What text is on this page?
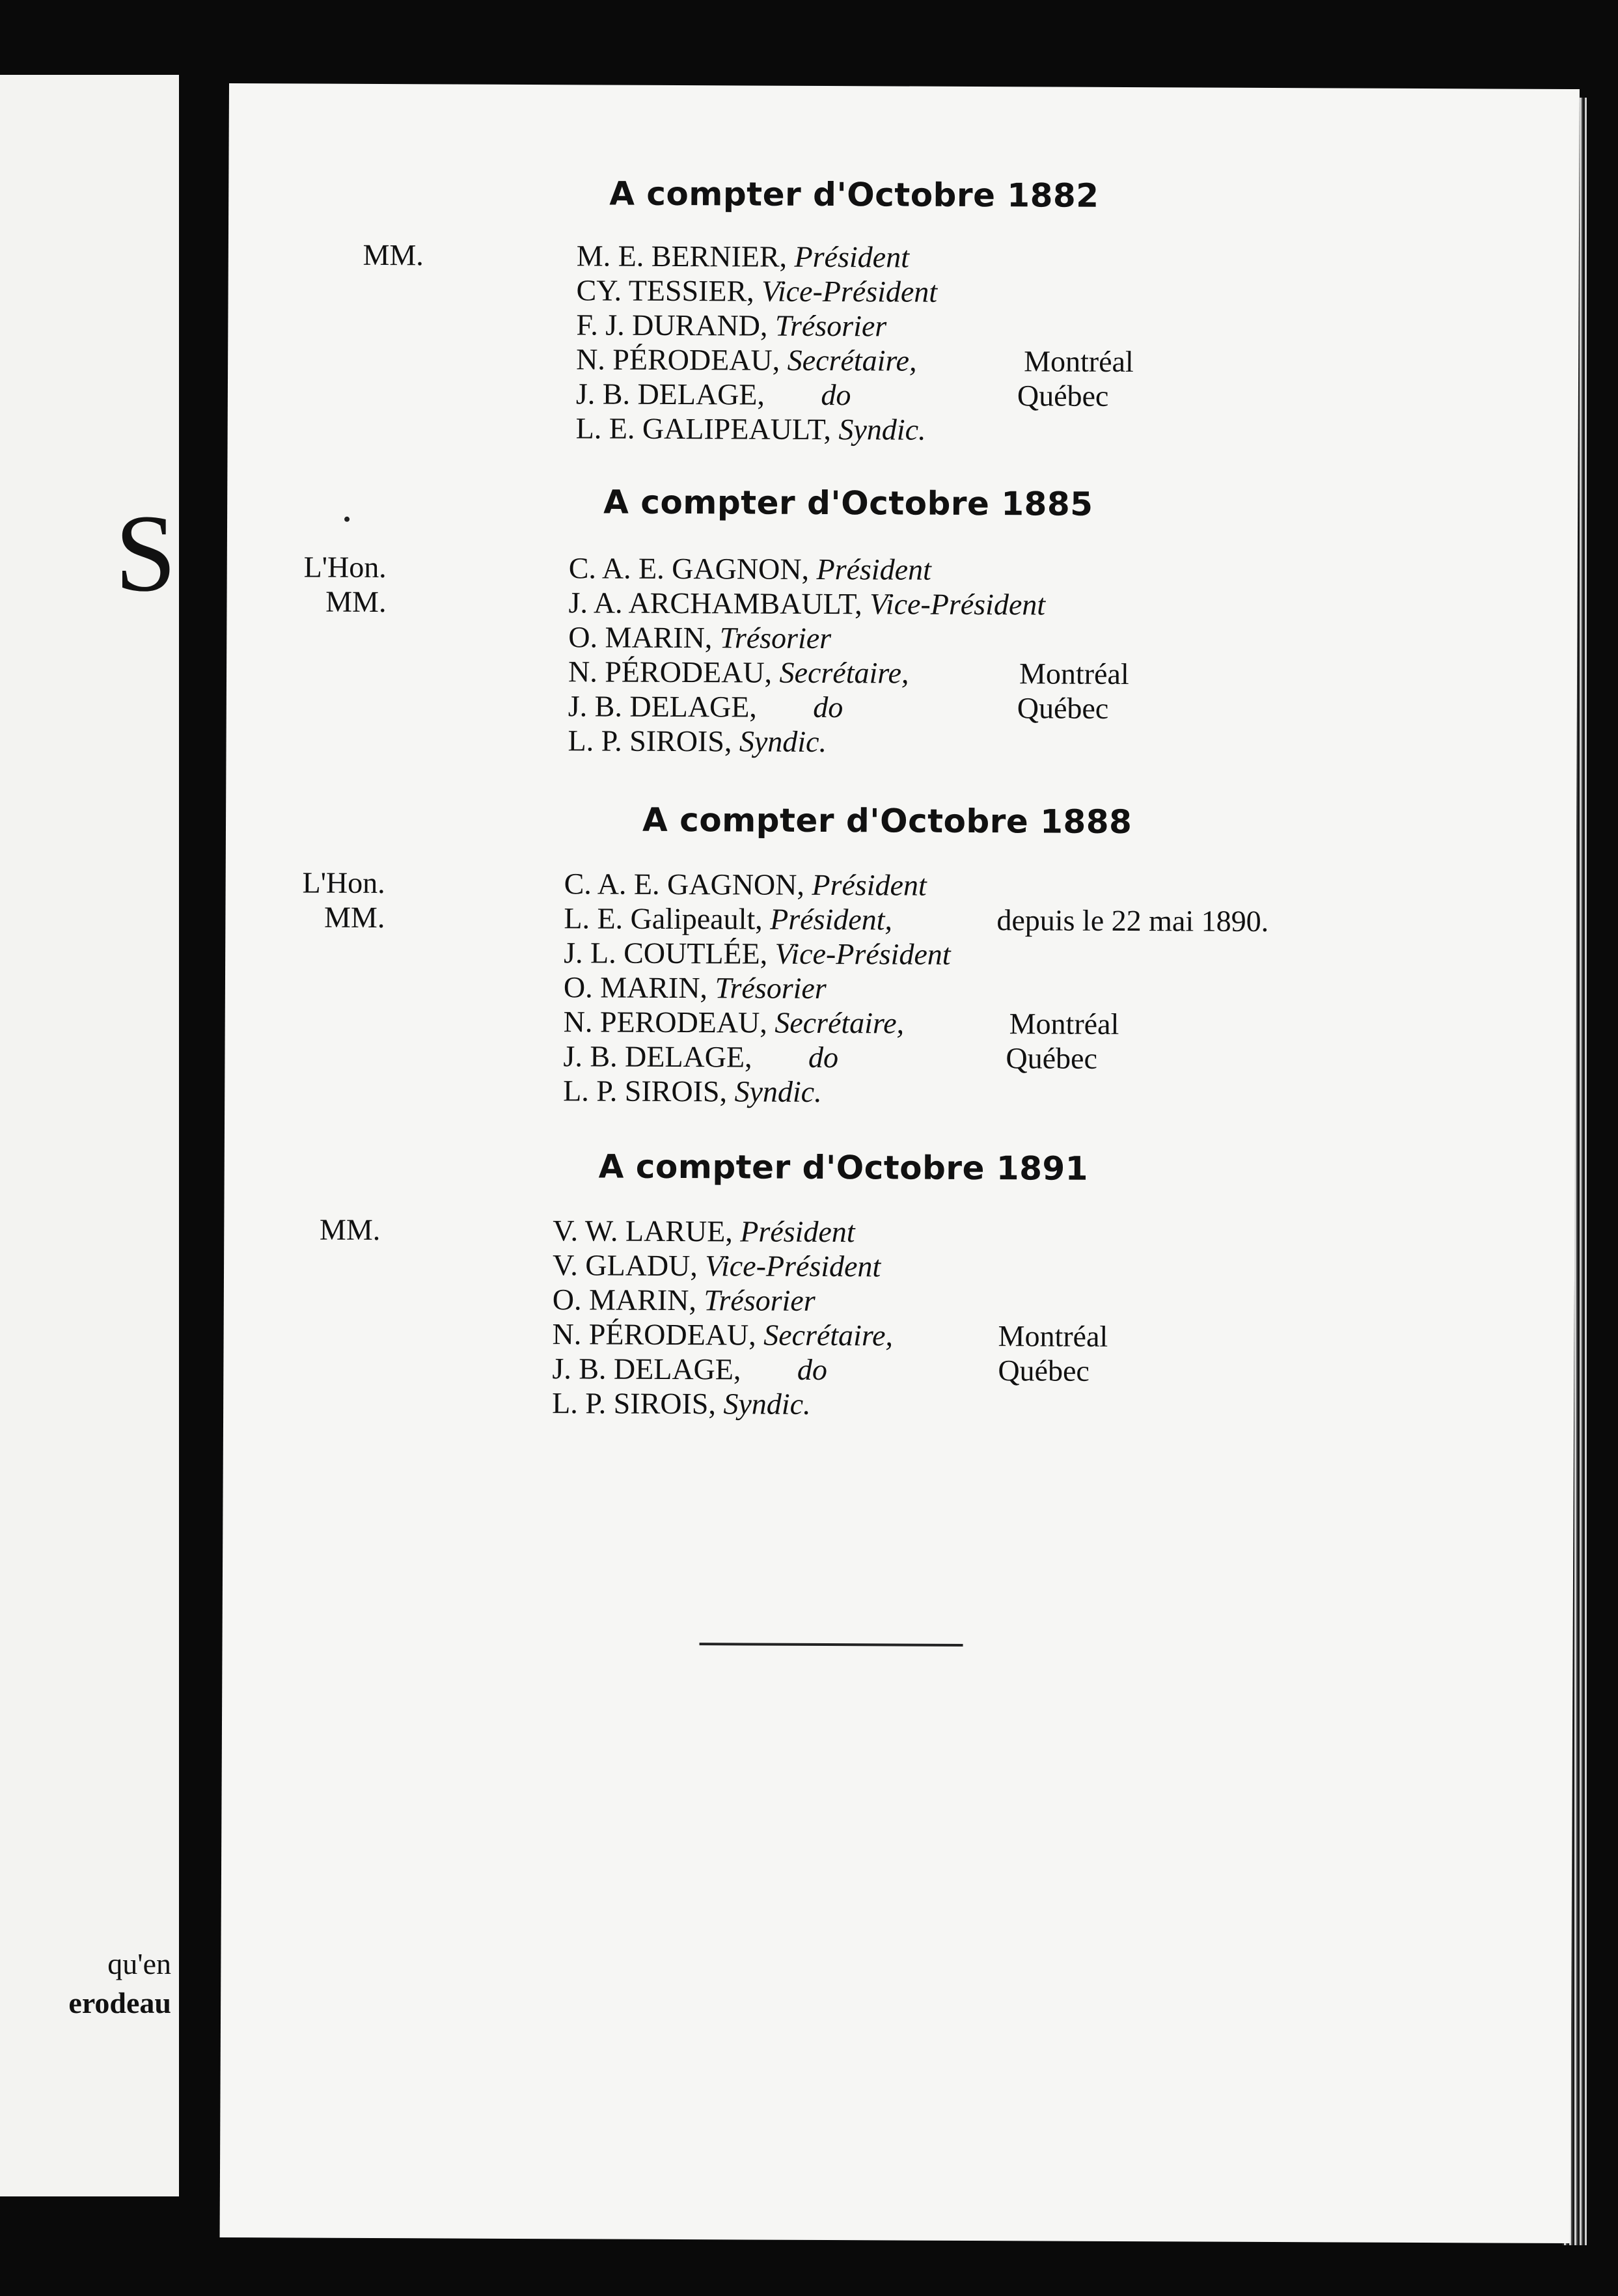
S
qu'en
erodeau
A compter d'Octobre 1882
MM.	M. E. BERNIER, Président
CY. TESSIER, Vice-Président
F. J. DURAND, Trésorier
N. PÉRODEAU, Secrétaire,	Montréal
J. B. DELAGE, do	Québec
L. E. GALIPEAULT, Syndic.
A compter d'Octobre 1885
L'Hon.	C. A. E. GAGNON, Président
MM.	J. A. ARCHAMBAULT, Vice-Président
O. MARIN, Trésorier
N. PÉRODEAU, Secrétaire,	Montréal
J. B. DELAGE, do	Québec
L. P. SIROIS, Syndic.
A compter d'Octobre 1888
L'Hon.	C. A. E. GAGNON, Président
MM.	L. E. Galipeault, Président,	depuis le 22 mai 1890.
J. L. COUTLÉE, Vice-Président
O. MARIN, Trésorier
N. PERODEAU, Secrétaire,	Montréal
J. B. DELAGE, do	Québec
L. P. SIROIS, Syndic.
A compter d'Octobre 1891
MM.	V. W. LARUE, Président
V. GLADU, Vice-Président
O. MARIN, Trésorier
N. PÉRODEAU, Secrétaire,	Montréal
J. B. DELAGE, do	Québec
L. P. SIROIS, Syndic.
